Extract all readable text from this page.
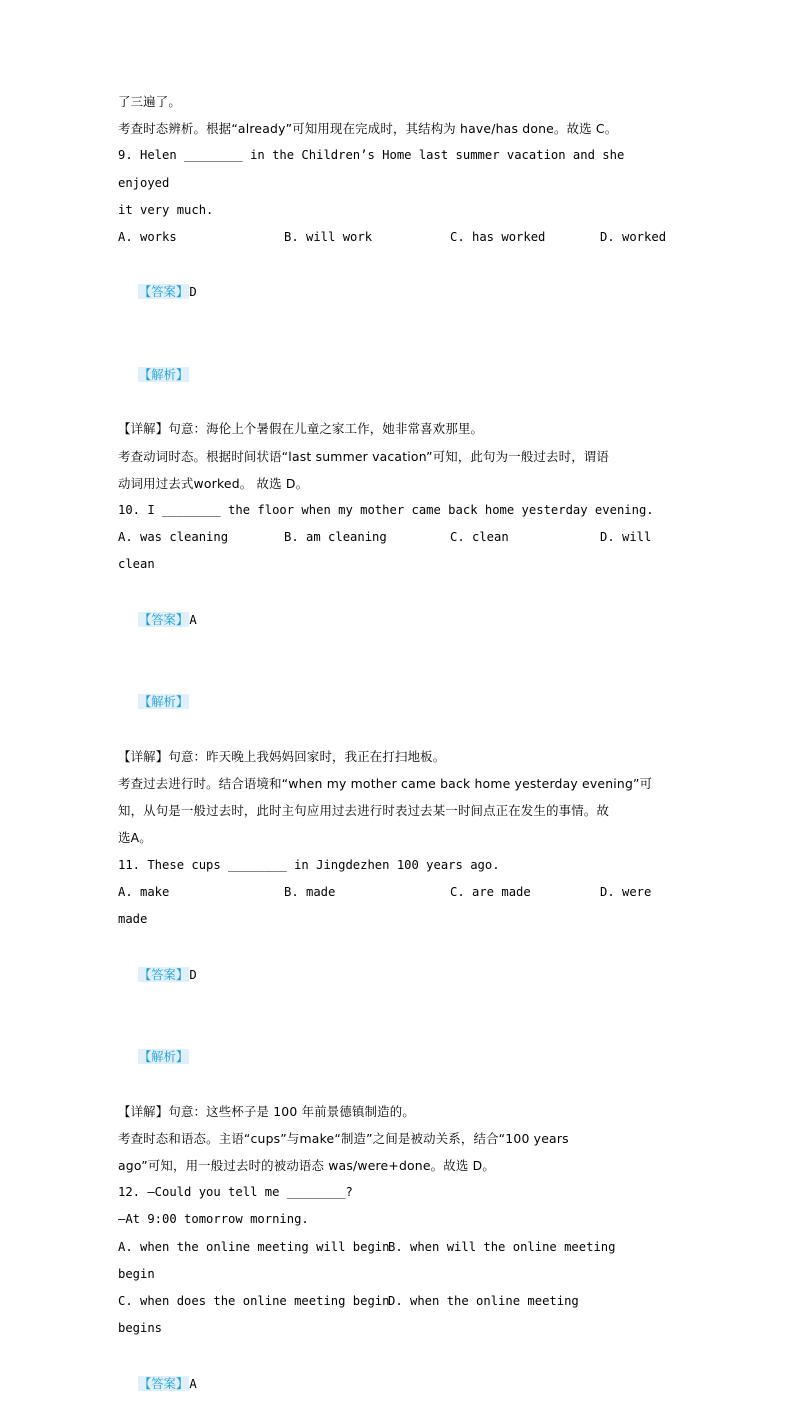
了三遍了。
考查时态辨析。根据“already”可知用现在完成时，其结构为 have/has done。故选 C。
9. Helen ________ in the Children’s Home last summer vacation and she enjoyed
it very much.
A. works	B. will work	C. has worked	D. worked

【答案】D

【解析】

【详解】句意：海伦上个暑假在儿童之家工作，她非常喜欢那里。
考查动词时态。根据时间状语“last summer vacation”可知，此句为一般过去时，谓语
动词用过去式worked。 故选 D。
10. I ________ the floor when my mother came back home yesterday evening.
A. was cleaning	B. am cleaning	C. clean	D. will
clean

【答案】A

【解析】

【详解】句意：昨天晚上我妈妈回家时，我正在打扫地板。
考查过去进行时。结合语境和“when my mother came back home yesterday evening”可
知，从句是一般过去时，此时主句应用过去进行时表过去某一时间点正在发生的事情。故
选A。
11. These cups ________ in Jingdezhen 100 years ago.
A. make	B. made	C. are made	D. were
made

【答案】D

【解析】

【详解】句意：这些杯子是 100 年前景德镇制造的。
考查时态和语态。主语“cups”与make“制造”之间是被动关系，结合“100 years
ago”可知，用一般过去时的被动语态 was/were+done。故选 D。
12. —Could you tell me ________?
—At 9:00 tomorrow morning.
A. when the online meeting will begin
B. when will the online meeting
begin
C. when does the online meeting begin
D. when the online meeting
begins

【答案】A
